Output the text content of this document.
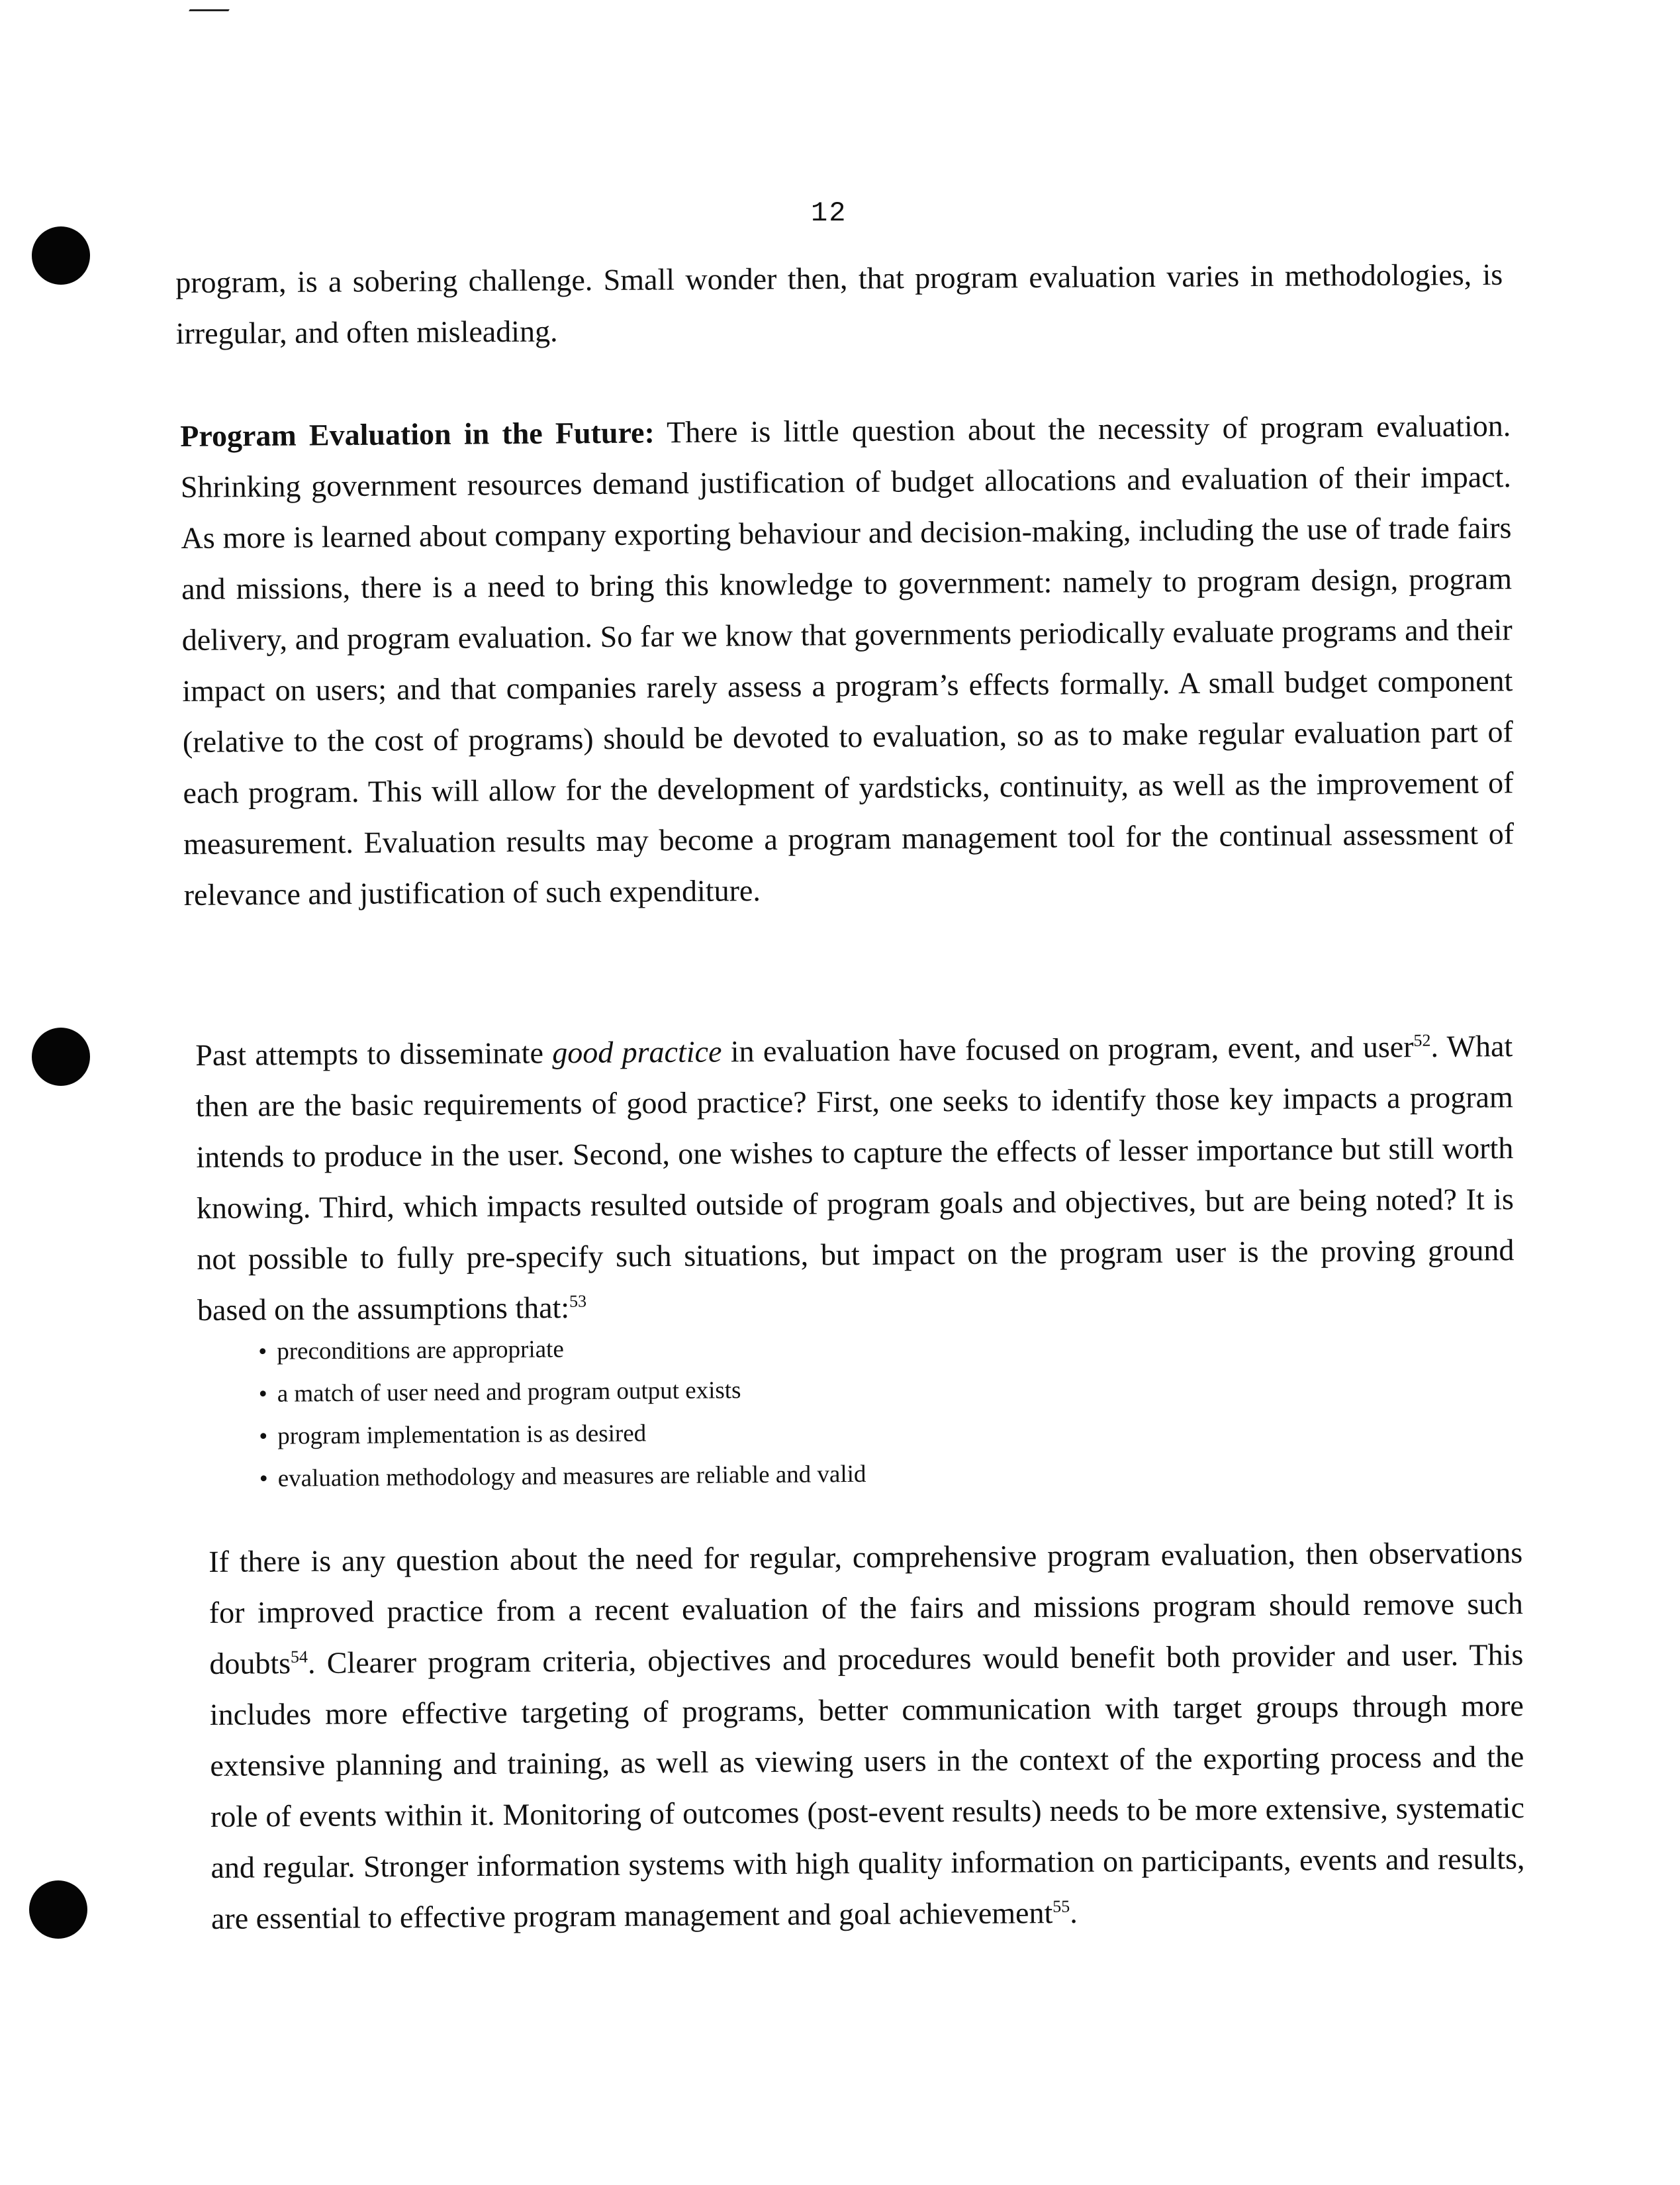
12

program, is a sobering challenge. Small wonder then, that program evaluation varies in methodologies, is irregular, and often misleading.

Program Evaluation in the Future: There is little question about the necessity of program evaluation. Shrinking government resources demand justification of budget allocations and evaluation of their impact. As more is learned about company exporting behaviour and decision-making, including the use of trade fairs and missions, there is a need to bring this knowledge to government: namely to program design, program delivery, and program evaluation. So far we know that governments periodically evaluate programs and their impact on users; and that companies rarely assess a program’s effects formally. A small budget component (relative to the cost of programs) should be devoted to evaluation, so as to make regular evaluation part of each program. This will allow for the development of yardsticks, continuity, as well as the improvement of measurement. Evaluation results may become a program management tool for the continual assessment of relevance and justification of such expenditure.

Past attempts to disseminate good practice in evaluation have focused on program, event, and user$^{52}$. What then are the basic requirements of good practice? First, one seeks to identify those key impacts a program intends to produce in the user. Second, one wishes to capture the effects of lesser importance but still worth knowing. Third, which impacts resulted outside of program goals and objectives, but are being noted? It is not possible to fully pre-specify such situations, but impact on the program user is the proving ground based on the assumptions that:$^{53}$

• preconditions are appropriate
• a match of user need and program output exists
• program implementation is as desired
• evaluation methodology and measures are reliable and valid

If there is any question about the need for regular, comprehensive program evaluation, then observations for improved practice from a recent evaluation of the fairs and missions program should remove such doubts$^{54}$. Clearer program criteria, objectives and procedures would benefit both provider and user. This includes more effective targeting of programs, better communication with target groups through more extensive planning and training, as well as viewing users in the context of the exporting process and the role of events within it. Monitoring of outcomes (post-event results) needs to be more extensive, systematic and regular. Stronger information systems with high quality information on participants, events and results, are essential to effective program management and goal achievement$^{55}$.
